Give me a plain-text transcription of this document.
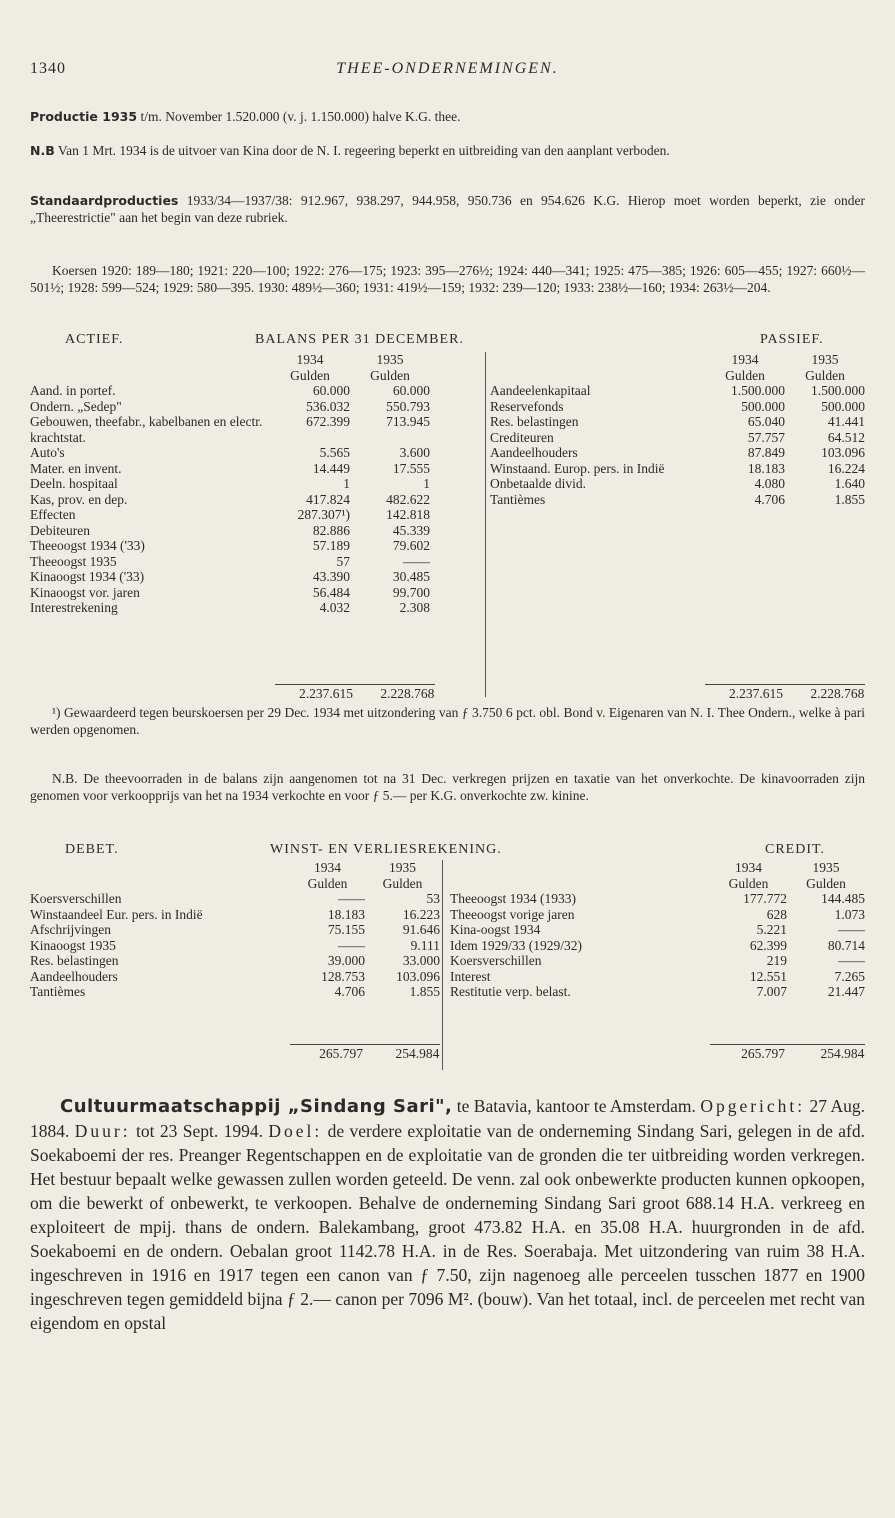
1340	THEE-ONDERNEMINGEN.
Productie 1935 t/m. November 1.520.000 (v. j. 1.150.000) halve K.G. thee.
N.B Van 1 Mrt. 1934 is de uitvoer van Kina door de N. I. regeering beperkt en uitbreiding van den aanplant verboden.
Standaardproducties 1933/34—1937/38: 912.967, 938.297, 944.958, 950.736 en 954.626 K.G. Hierop moet worden beperkt, zie onder „Theerestrictie" aan het begin van deze rubriek.
Koersen 1920: 189—180; 1921: 220—100; 1922: 276—175; 1923: 395—276½; 1924: 440—341; 1925: 475—385; 1926: 605—455; 1927: 660½—501½; 1928: 599—524; 1929: 580—395. 1930: 489½—360; 1931: 419½—159; 1932: 239—120; 1933: 238½—160; 1934: 263½—204.
ACTIEF.	BALANS PER 31 DECEMBER.	PASSIEF.
	1934	1935	
	Gulden	Gulden	
Aand. in portef.	60.000	60.000	
Ondern. „Sedep"	536.032	550.793	
Gebouwen, theefabr., kabelbanen en electr. krachtstat.	672.399	713.945	
Auto's	5.565	3.600	
Mater. en invent.	14.449	17.555	
Deeln. hospitaal	1	1	
Kas, prov. en dep.	417.824	482.622	
Effecten	287.307¹)	142.818	
Debiteuren	82.886	45.339	
Theeoogst 1934 ('33)	57.189	79.602	
Theeoogst 1935	57	——	
Kinaoogst 1934 ('33)	43.390	30.485	
Kinaoogst vor. jaren	56.484	99.700	
Interestrekening	4.032	2.308	
		1934	1935
		Gulden	Gulden
	Aandeelenkapitaal	1.500.000	1.500.000
	Reservefonds	500.000	500.000
	Res. belastingen	65.040	41.441
	Crediteuren	57.757	64.512
	Aandeelhouders	87.849	103.096
	Winstaand. Europ. pers. in Indië	18.183	16.224
	Onbetaalde divid.	4.080	1.640
	Tantièmes	4.706	1.855
2.237.615 2.228.768	2.237.615 2.228.768
¹) Gewaardeerd tegen beurskoersen per 29 Dec. 1934 met uitzondering van ƒ 3.750 6 pct. obl. Bond v. Eigenaren van N. I. Thee Ondern., welke à pari werden opgenomen.
N.B. De theevoorraden in de balans zijn aangenomen tot na 31 Dec. verkregen prijzen en taxatie van het onverkochte. De kinavoorraden zijn genomen voor verkoopprijs van het na 1934 verkochte en voor ƒ 5.— per K.G. onverkochte zw. kinine.
DEBET.	WINST- EN VERLIESREKENING.	CREDIT.
	1934	1935	
	Gulden	Gulden	
Koersverschillen	——	53	
Winstaandeel Eur. pers. in Indië	18.183	16.223	
Afschrijvingen	75.155	91.646	
Kinaoogst 1935	——	9.111	
Res. belastingen	39.000	33.000	
Aandeelhouders	128.753	103.096	
Tantièmes	4.706	1.855	
	1934	1935	
	Gulden	Gulden	
Theeoogst 1934 (1933)	177.772	144.485	
Theeoogst vorige jaren	628	1.073	
Kina-oogst 1934	5.221	——	
Idem 1929/33 (1929/32)	62.399	80.714	
Koersverschillen	219	——	
Interest	12.551	7.265	
Restitutie verp. belast.	7.007	21.447	
265.797 254.984	265.797	254.984
Cultuurmaatschappij „Sindang Sari", te Batavia, kantoor te Amsterdam. Opgericht: 27 Aug. 1884. Duur: tot 23 Sept. 1994. Doel: de verdere exploitatie van de onderneming Sindang Sari, gelegen in de afd. Soekaboemi der res. Preanger Regentschappen en de exploitatie van de gronden die ter uitbreiding worden verkregen. Het bestuur bepaalt welke gewassen zullen worden geteeld. De venn. zal ook onbewerkte producten kunnen opkoopen, om die bewerkt of onbewerkt, te verkoopen. Behalve de onderneming Sindang Sari groot 688.14 H.A. verkreeg en exploiteert de mpij. thans de ondern. Balekambang, groot 473.82 H.A. en 35.08 H.A. huurgronden in de afd. Soekaboemi en de ondern. Oebalan groot 1142.78 H.A. in de Res. Soerabaja. Met uitzondering van ruim 38 H.A. ingeschreven in 1916 en 1917 tegen een canon van ƒ 7.50, zijn nagenoeg alle perceelen tusschen 1877 en 1900 ingeschreven tegen gemiddeld bijna ƒ 2.— canon per 7096 M². (bouw). Van het totaal, incl. de perceelen met recht van eigendom en opstal
